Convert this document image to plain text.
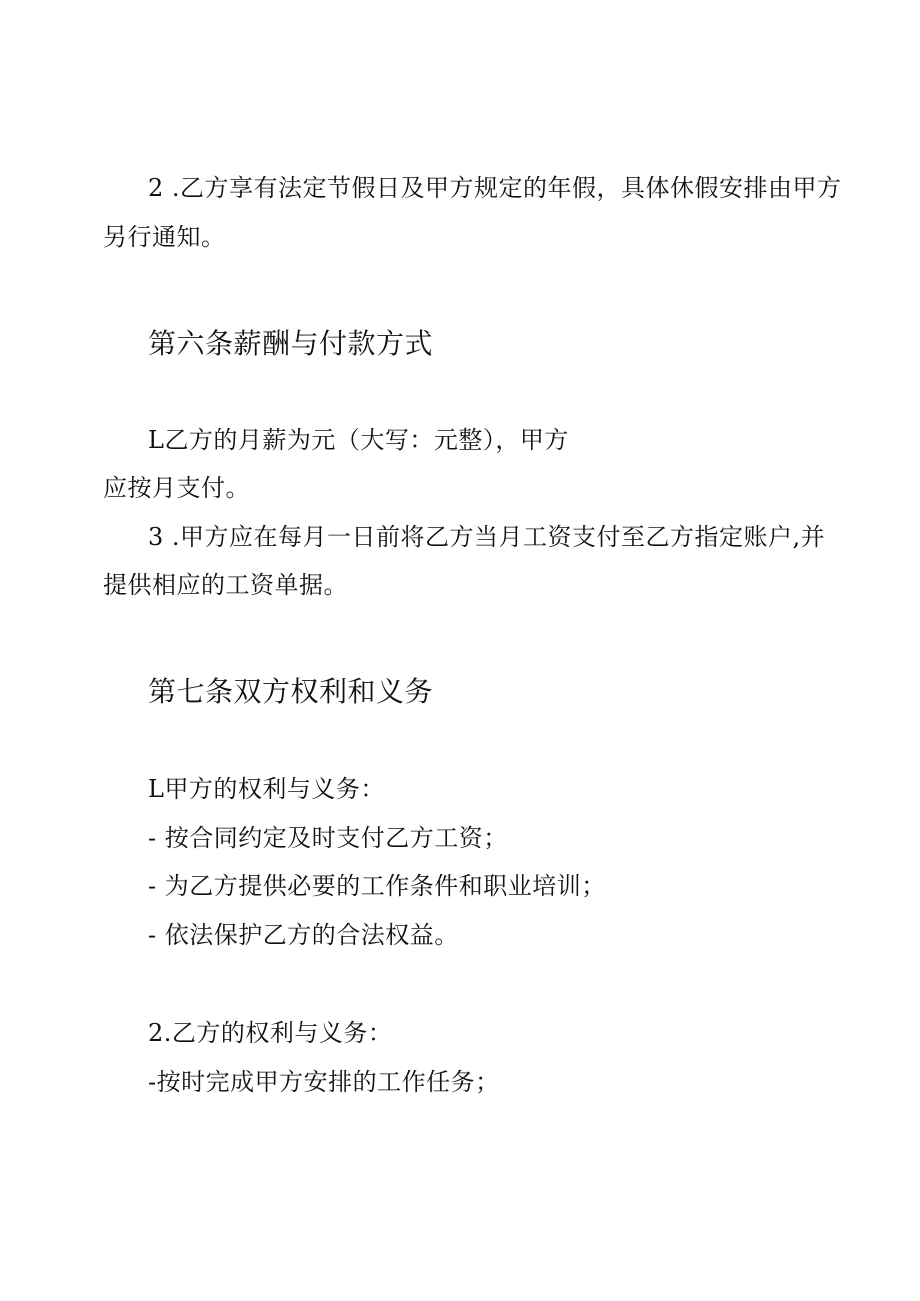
2 .乙方享有法定节假日及甲方规定的年假，具体休假安排由甲方
另行通知。
第六条薪酬与付款方式
L乙方的月薪为元（大写：元整），甲方
应按月支付。
3 .甲方应在每月一日前将乙方当月工资支付至乙方指定账户,并
提供相应的工资单据。
第七条双方权利和义务
L甲方的权利与义务：
- 按合同约定及时支付乙方工资；
- 为乙方提供必要的工作条件和职业培训；
- 依法保护乙方的合法权益。
2.乙方的权利与义务：
-按时完成甲方安排的工作任务；
